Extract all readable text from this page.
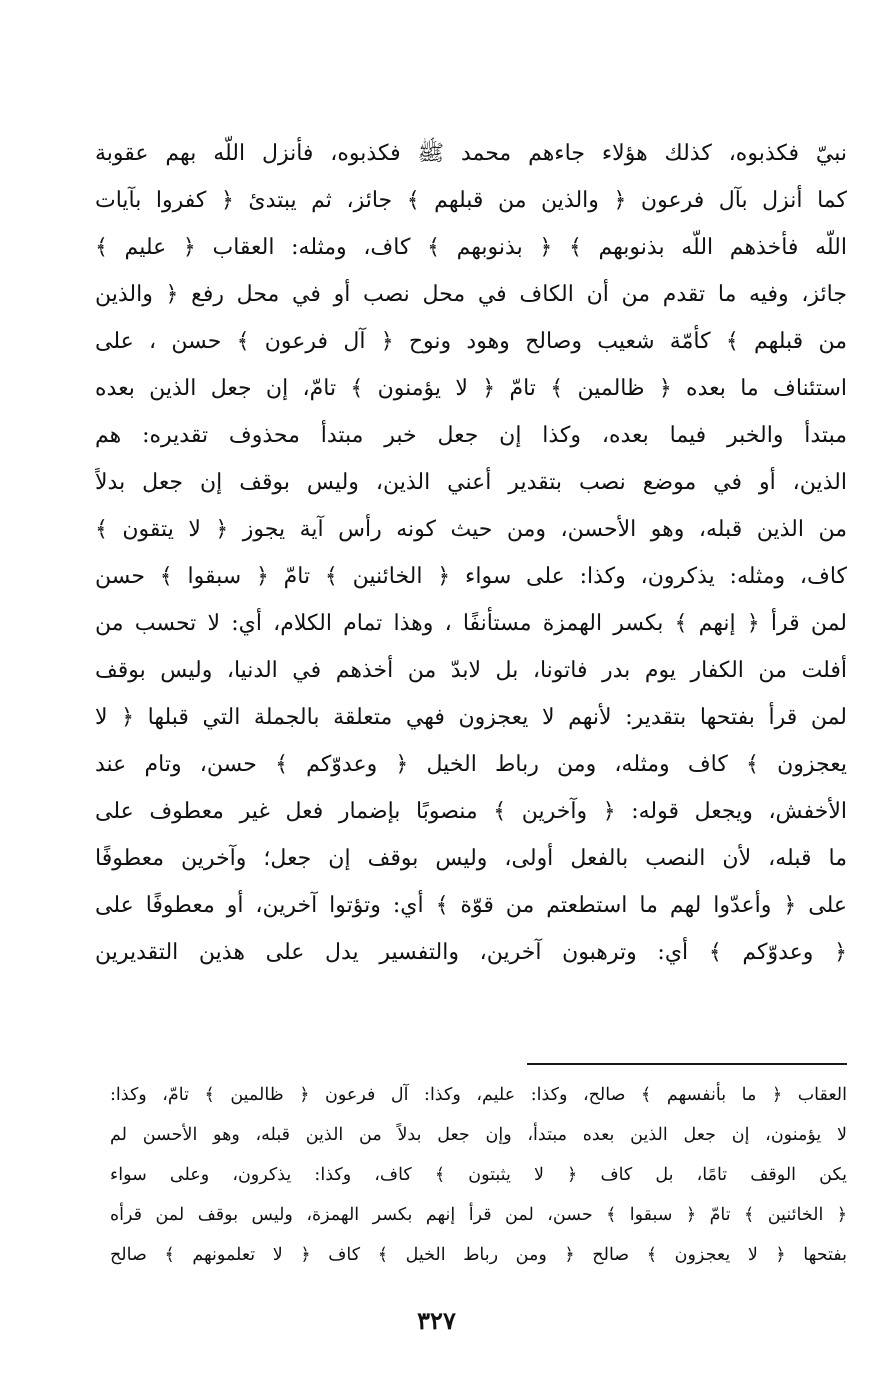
نبيّ فكذبوه، كذلك هؤلاء جاءهم محمد ﷺ فكذبوه، فأنزل اللّه بهم عقوبة
كما أنزل بآل فرعون ﴿ والذين من قبلهم ﴾ جائز، ثم يبتدئ ﴿ كفروا بآيات
اللّه فأخذهم اللّه بذنوبهم ﴾ ﴿ بذنوبهم ﴾ كاف، ومثله: العقاب ﴿ عليم ﴾
جائز، وفيه ما تقدم من أن الكاف في محل نصب أو في محل رفع ﴿ والذين
من قبلهم ﴾ كأمّة شعيب وصالح وهود ونوح ﴿ آل فرعون ﴾ حسن ، على
استئناف ما بعده ﴿ ظالمين ﴾ تامّ ﴿ لا يؤمنون ﴾ تامّ، إن جعل الذين بعده
مبتدأ والخبر فيما بعده، وكذا إن جعل خبر مبتدأ محذوف تقديره: هم
الذين، أو في موضع نصب بتقدير أعني الذين، وليس بوقف إن جعل بدلاً
من الذين قبله، وهو الأحسن، ومن حيث كونه رأس آية يجوز ﴿ لا يتقون ﴾
كاف، ومثله: يذكرون، وكذا: على سواء ﴿ الخائنين ﴾ تامّ ﴿ سبقوا ﴾ حسن
لمن قرأ ﴿ إنهم ﴾ بكسر الهمزة مستأنفًا ، وهذا تمام الكلام، أي: لا تحسب من
أفلت من الكفار يوم بدر فاتونا، بل لابدّ من أخذهم في الدنيا، وليس بوقف
لمن قرأ بفتحها بتقدير: لأنهم لا يعجزون فهي متعلقة بالجملة التي قبلها ﴿ لا
يعجزون ﴾ كاف ومثله، ومن رباط الخيل ﴿ وعدوّكم ﴾ حسن، وتام عند
الأخفش، ويجعل قوله: ﴿ وآخرين ﴾ منصوبًا بإضمار فعل غير معطوف على
ما قبله، لأن النصب بالفعل أولى، وليس بوقف إن جعل؛ وآخرين معطوفًا
على ﴿ وأعدّوا لهم ما استطعتم من قوّة ﴾ أي: وتؤتوا آخرين، أو معطوفًا على
﴿ وعدوّكم ﴾ أي: وترهبون آخرين، والتفسير يدل على هذين التقديرين
العقاب ﴿ ما بأنفسهم ﴾ صالح، وكذا: عليم، وكذا: آل فرعون ﴿ ظالمين ﴾ تامّ، وكذا:
لا يؤمنون، إن جعل الذين بعده مبتدأ، وإن جعل بدلاً من الذين قبله، وهو الأحسن لم
يكن الوقف تامًا، بل كاف ﴿ لا يثبتون ﴾ كاف، وكذا: يذكرون، وعلى سواء
﴿ الخائنين ﴾ تامّ ﴿ سبقوا ﴾ حسن، لمن قرأ إنهم بكسر الهمزة، وليس بوقف لمن قرأه
بفتحها ﴿ لا يعجزون ﴾ صالح ﴿ ومن رباط الخيل ﴾ كاف ﴿ لا تعلمونهم ﴾ صالح
٣٢٧
